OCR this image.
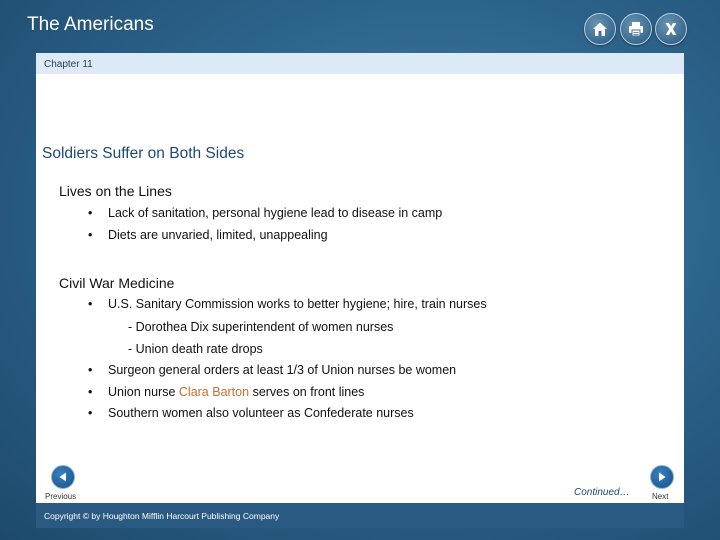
The Americans
Chapter 11
Soldiers Suffer on Both Sides
Lives on the Lines
• Lack of sanitation, personal hygiene lead to disease in camp
• Diets are unvaried, limited, unappealing
Civil War Medicine
• U.S. Sanitary Commission works to better hygiene; hire, train nurses
- Dorothea Dix superintendent of women nurses
- Union death rate drops
• Surgeon general orders at least 1/3 of Union nurses be women
• Union nurse Clara Barton serves on front lines
• Southern women also volunteer as Confederate nurses
Previous	Continued…	Next
Copyright © by Houghton Mifflin Harcourt Publishing Company
